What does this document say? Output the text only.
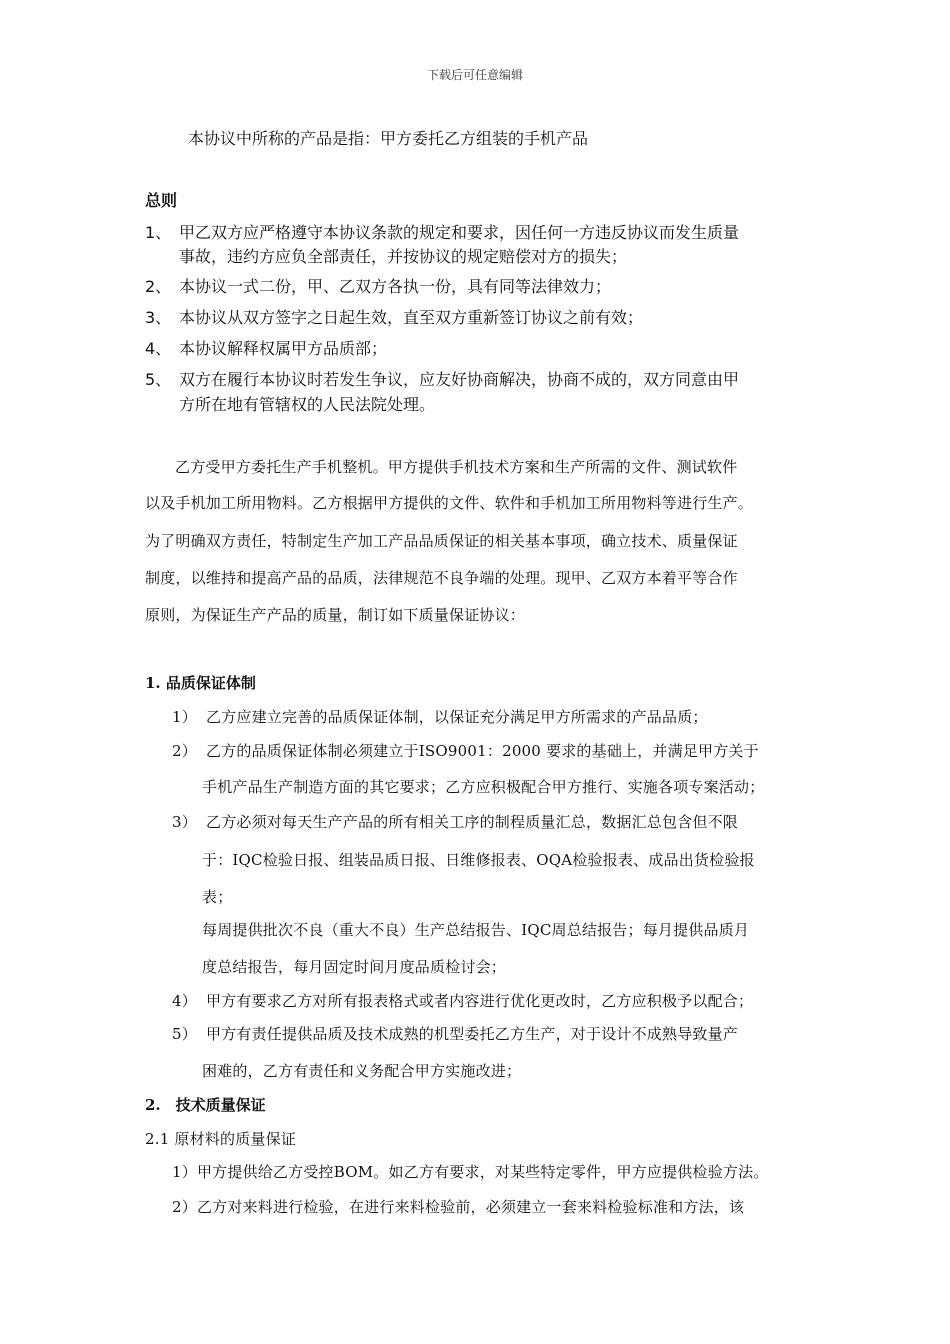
下载后可任意编辑
本协议中所称的产品是指：甲方委托乙方组装的手机产品
总则
1、 甲乙双方应严格遵守本协议条款的规定和要求，因任何一方违反协议而发生质量
事故，违约方应负全部责任，并按协议的规定赔偿对方的损失；
2、 本协议一式二份，甲、乙双方各执一份，具有同等法律效力；
3、 本协议从双方签字之日起生效，直至双方重新签订协议之前有效；
4、 本协议解释权属甲方品质部；
5、 双方在履行本协议时若发生争议，应友好协商解决，协商不成的，双方同意由甲
方所在地有管辖权的人民法院处理。
乙方受甲方委托生产手机整机。甲方提供手机技术方案和生产所需的文件、测试软件
以及手机加工所用物料。乙方根据甲方提供的文件、软件和手机加工所用物料等进行生产。
为了明确双方责任，特制定生产加工产品品质保证的相关基本事项，确立技术、质量保证
制度，以维持和提高产品的品质，法律规范不良争端的处理。现甲、乙双方本着平等合作
原则，为保证生产产品的质量，制订如下质量保证协议：
1. 品质保证体制
1） 乙方应建立完善的品质保证体制，以保证充分满足甲方所需求的产品品质；
2） 乙方的品质保证体制必须建立于ISO9001：2000 要求的基础上，并满足甲方关于
手机产品生产制造方面的其它要求；乙方应积极配合甲方推行、实施各项专案活动；
3） 乙方必须对每天生产产品的所有相关工序的制程质量汇总，数据汇总包含但不限
于：IQC检验日报、组装品质日报、日维修报表、OQA检验报表、成品出货检验报
表；
每周提供批次不良（重大不良）生产总结报告、IQC周总结报告；每月提供品质月
度总结报告，每月固定时间月度品质检讨会；
4） 甲方有要求乙方对所有报表格式或者内容进行优化更改时，乙方应积极予以配合；
5） 甲方有责任提供品质及技术成熟的机型委托乙方生产，对于设计不成熟导致量产
困难的，乙方有责任和义务配合甲方实施改进；
2.　技术质量保证
2.1 原材料的质量保证
1）甲方提供给乙方受控BOM。如乙方有要求，对某些特定零件，甲方应提供检验方法。
2）乙方对来料进行检验，在进行来料检验前，必须建立一套来料检验标准和方法，该
